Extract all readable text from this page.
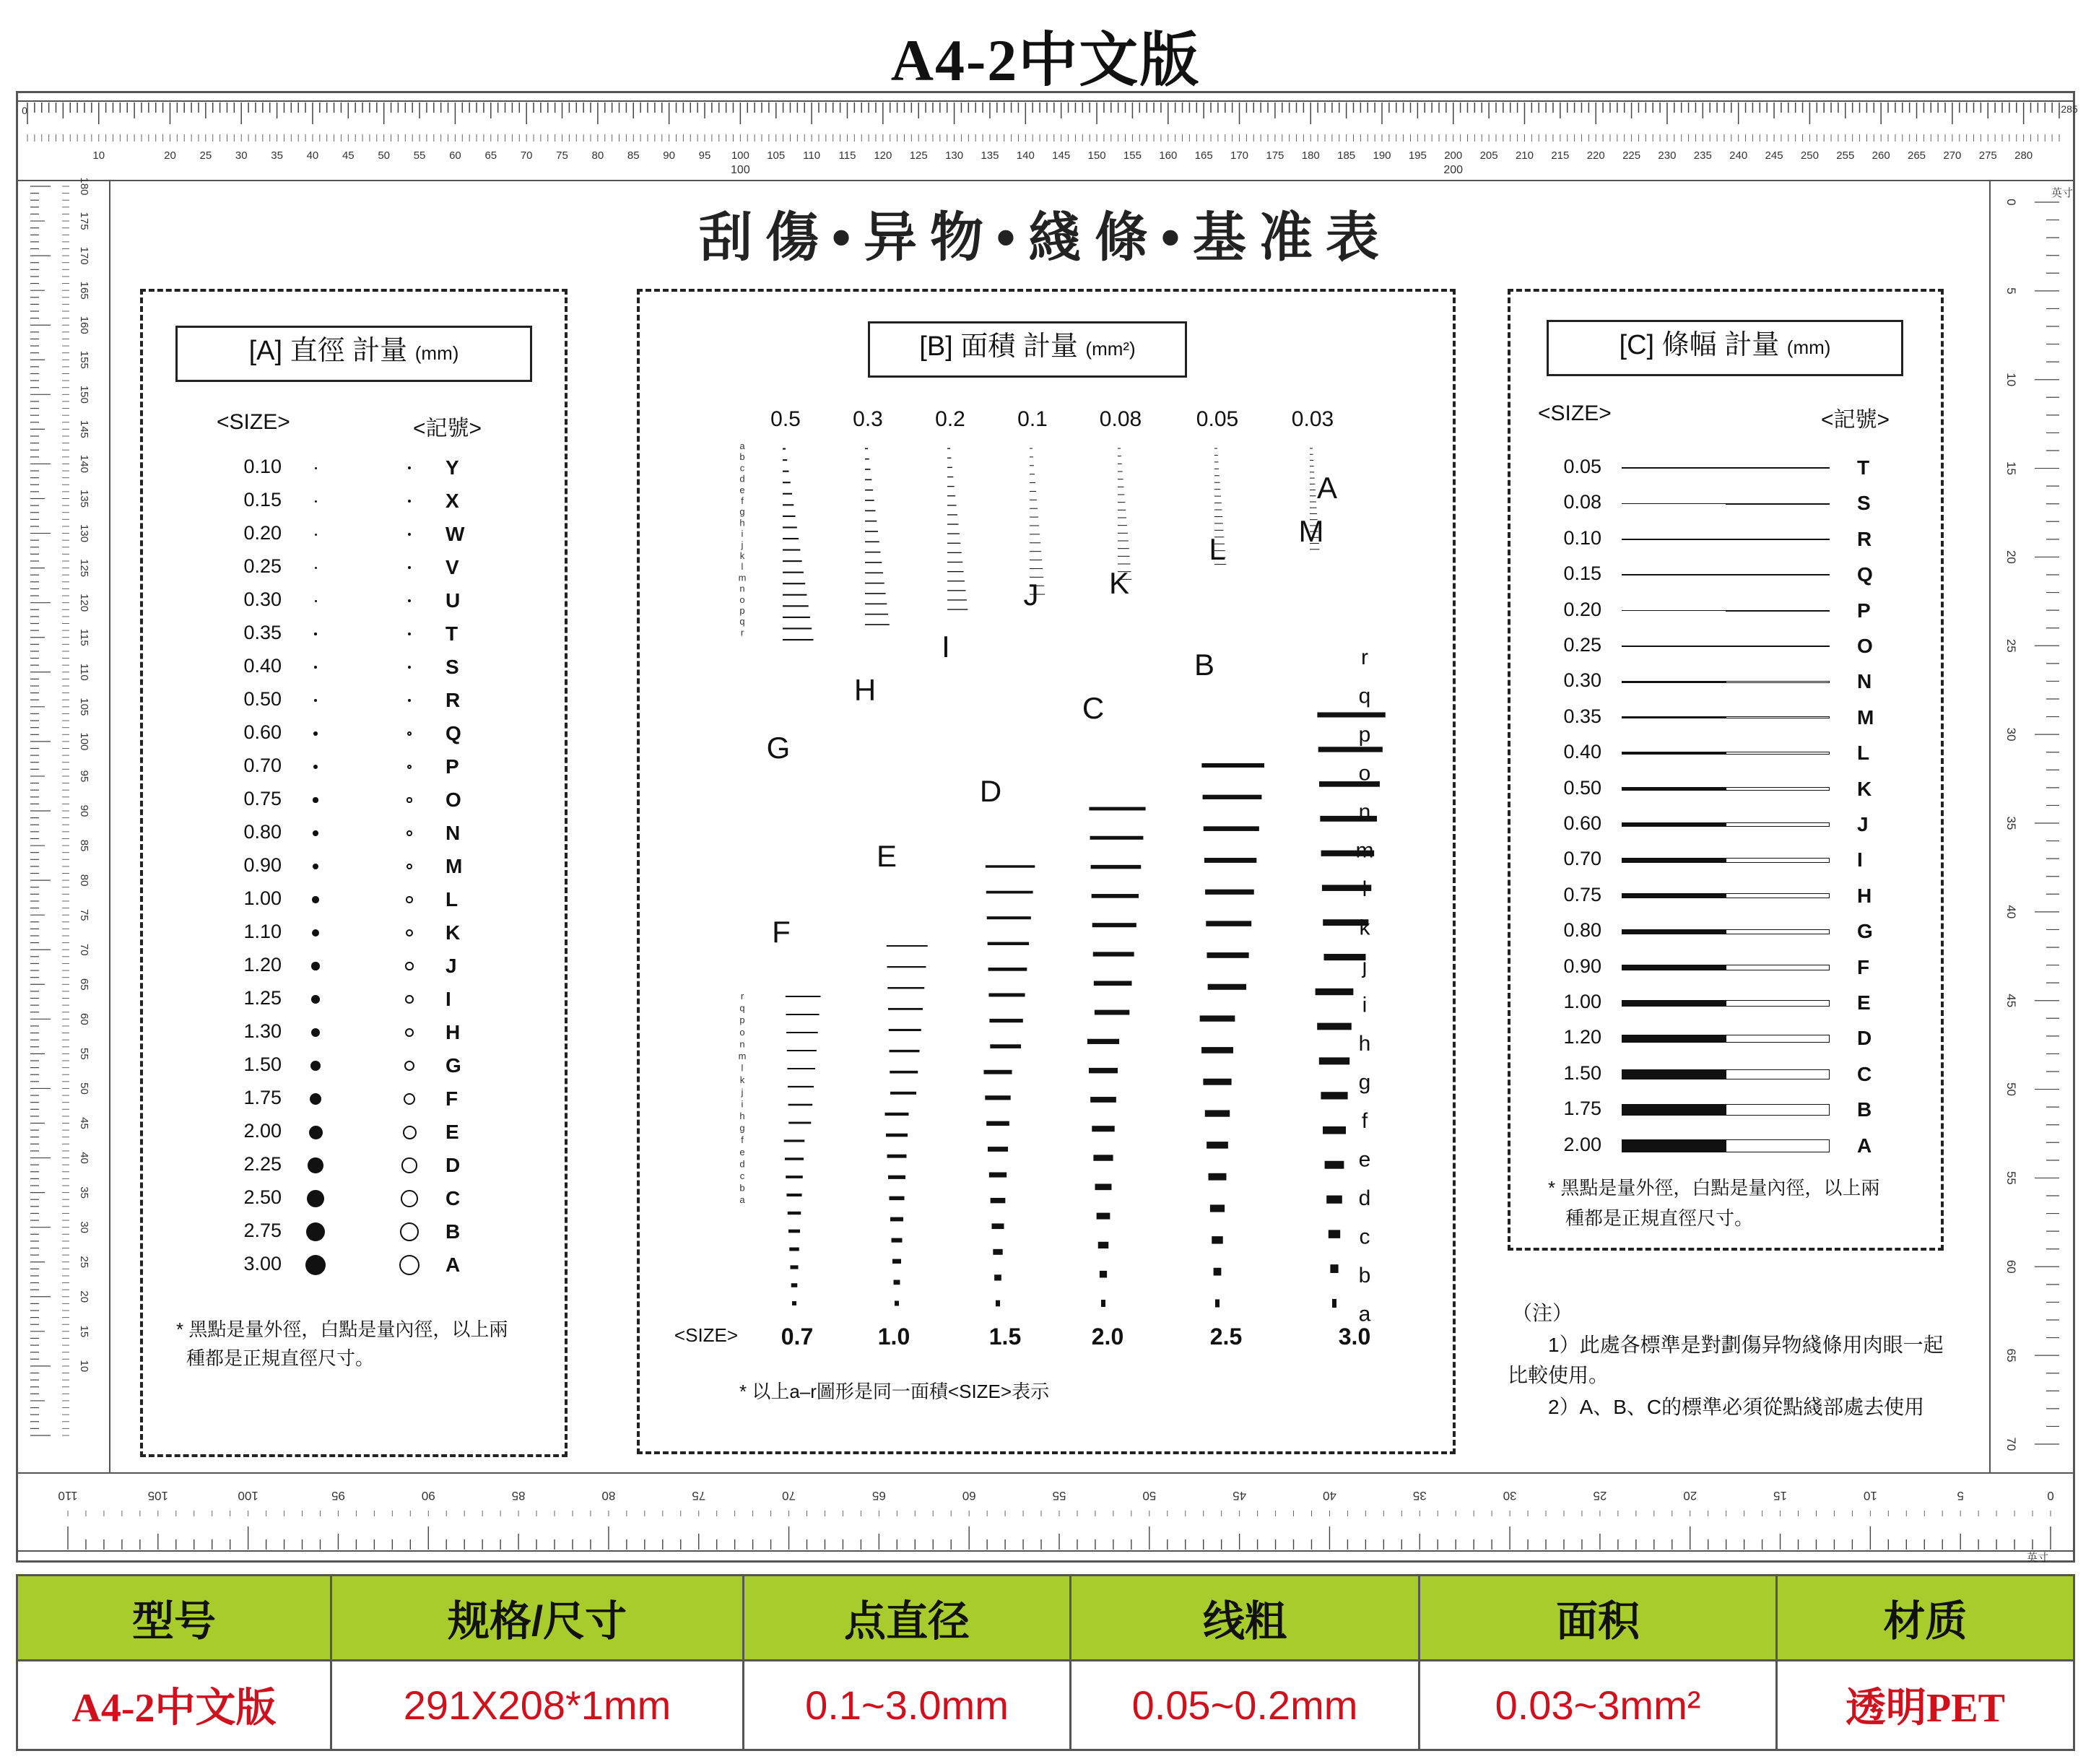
A4-2中文版
0	285
10	20 25 30 35 40 45 50 55 60 65 70 75 80 85 90 95 100 105 110 115 120 125 130 135 140 145 150 155 160 165 170 175 180 185 190 195 200 205 210 215 220 225 230 235 240 245 250 255 260 265 270 275 280
100	200
180
175
170
165
160
155
150
145
140
135
130
125
120
115
110
105
100
95
90
85
80
75
70
65
60
55
50
45
40
35
30
25
20
15
10
0
5
10
15
20
25
30
35
40
45
50
55
60
65
70
英寸
110	105	100	95	90	85	80	75	70	65	60	55	50	45	40	35	30	25	20	15	10	5	0
英寸
刮傷•异物•綫條•基准表
[A] 直徑 計量 (mm)
<SIZE>	<記號>
0.10	Y
0.15	X
0.20	W
0.25	V
0.30	U
0.35	T
0.40	S
0.50	R
0.60	Q
0.70	P
0.75	O
0.80	N
0.90	M
1.00	L
1.10	K
1.20	J
1.25	I
1.30	H
1.50	G
1.75	F
2.00	E
2.25	D
2.50	C
2.75	B
3.00	A
* 黑點是量外徑，白點是量內徑，以上兩
種都是正規直徑尺寸。
[B] 面積 計量 (mm²)
0.5 0.3 0.2 0.1 0.08	0.05 0.03
a
b
c
d
e
f
g
h
i
j
k
l
m
n
o
p
q
r
G
H
I
J K
L
M
F
E
D
C
B
A
r
q
p
o
n
m
l
k
j
i
h
g
f
e
d
c
b
a
r
q
p
o
n
m
l
k
j
i
h
g
f
e
d
c
b
a
<SIZE> 0.7	1.0	1.5	2.0	2.5	3.0
* 以上a–r圖形是同一面積<SIZE>表示
[C] 條幅 計量 (mm)
<SIZE>	<記號>
0.05	T
0.08	S
0.10	R
0.15	Q
0.20	P
0.25	O
0.30	N
0.35	M
0.40	L
0.50	K
0.60	J
0.70	I
0.75	H
0.80	G
0.90	F
1.00	E
1.20	D
1.50	C
1.75	B
2.00	A
* 黑點是量外徑，白點是量內徑，以上兩
種都是正規直徑尺寸。
（注）
1）此處各標準是對劃傷异物綫條用肉眼一起
比較使用。
2）A、B、C的標準必須從點綫部處去使用
型号	规格/尺寸	点直径	线粗	面积	材质
A4-2中文版	291X208*1mm	0.1~3.0mm	0.05~0.2mm	0.03~3mm²	透明PET
